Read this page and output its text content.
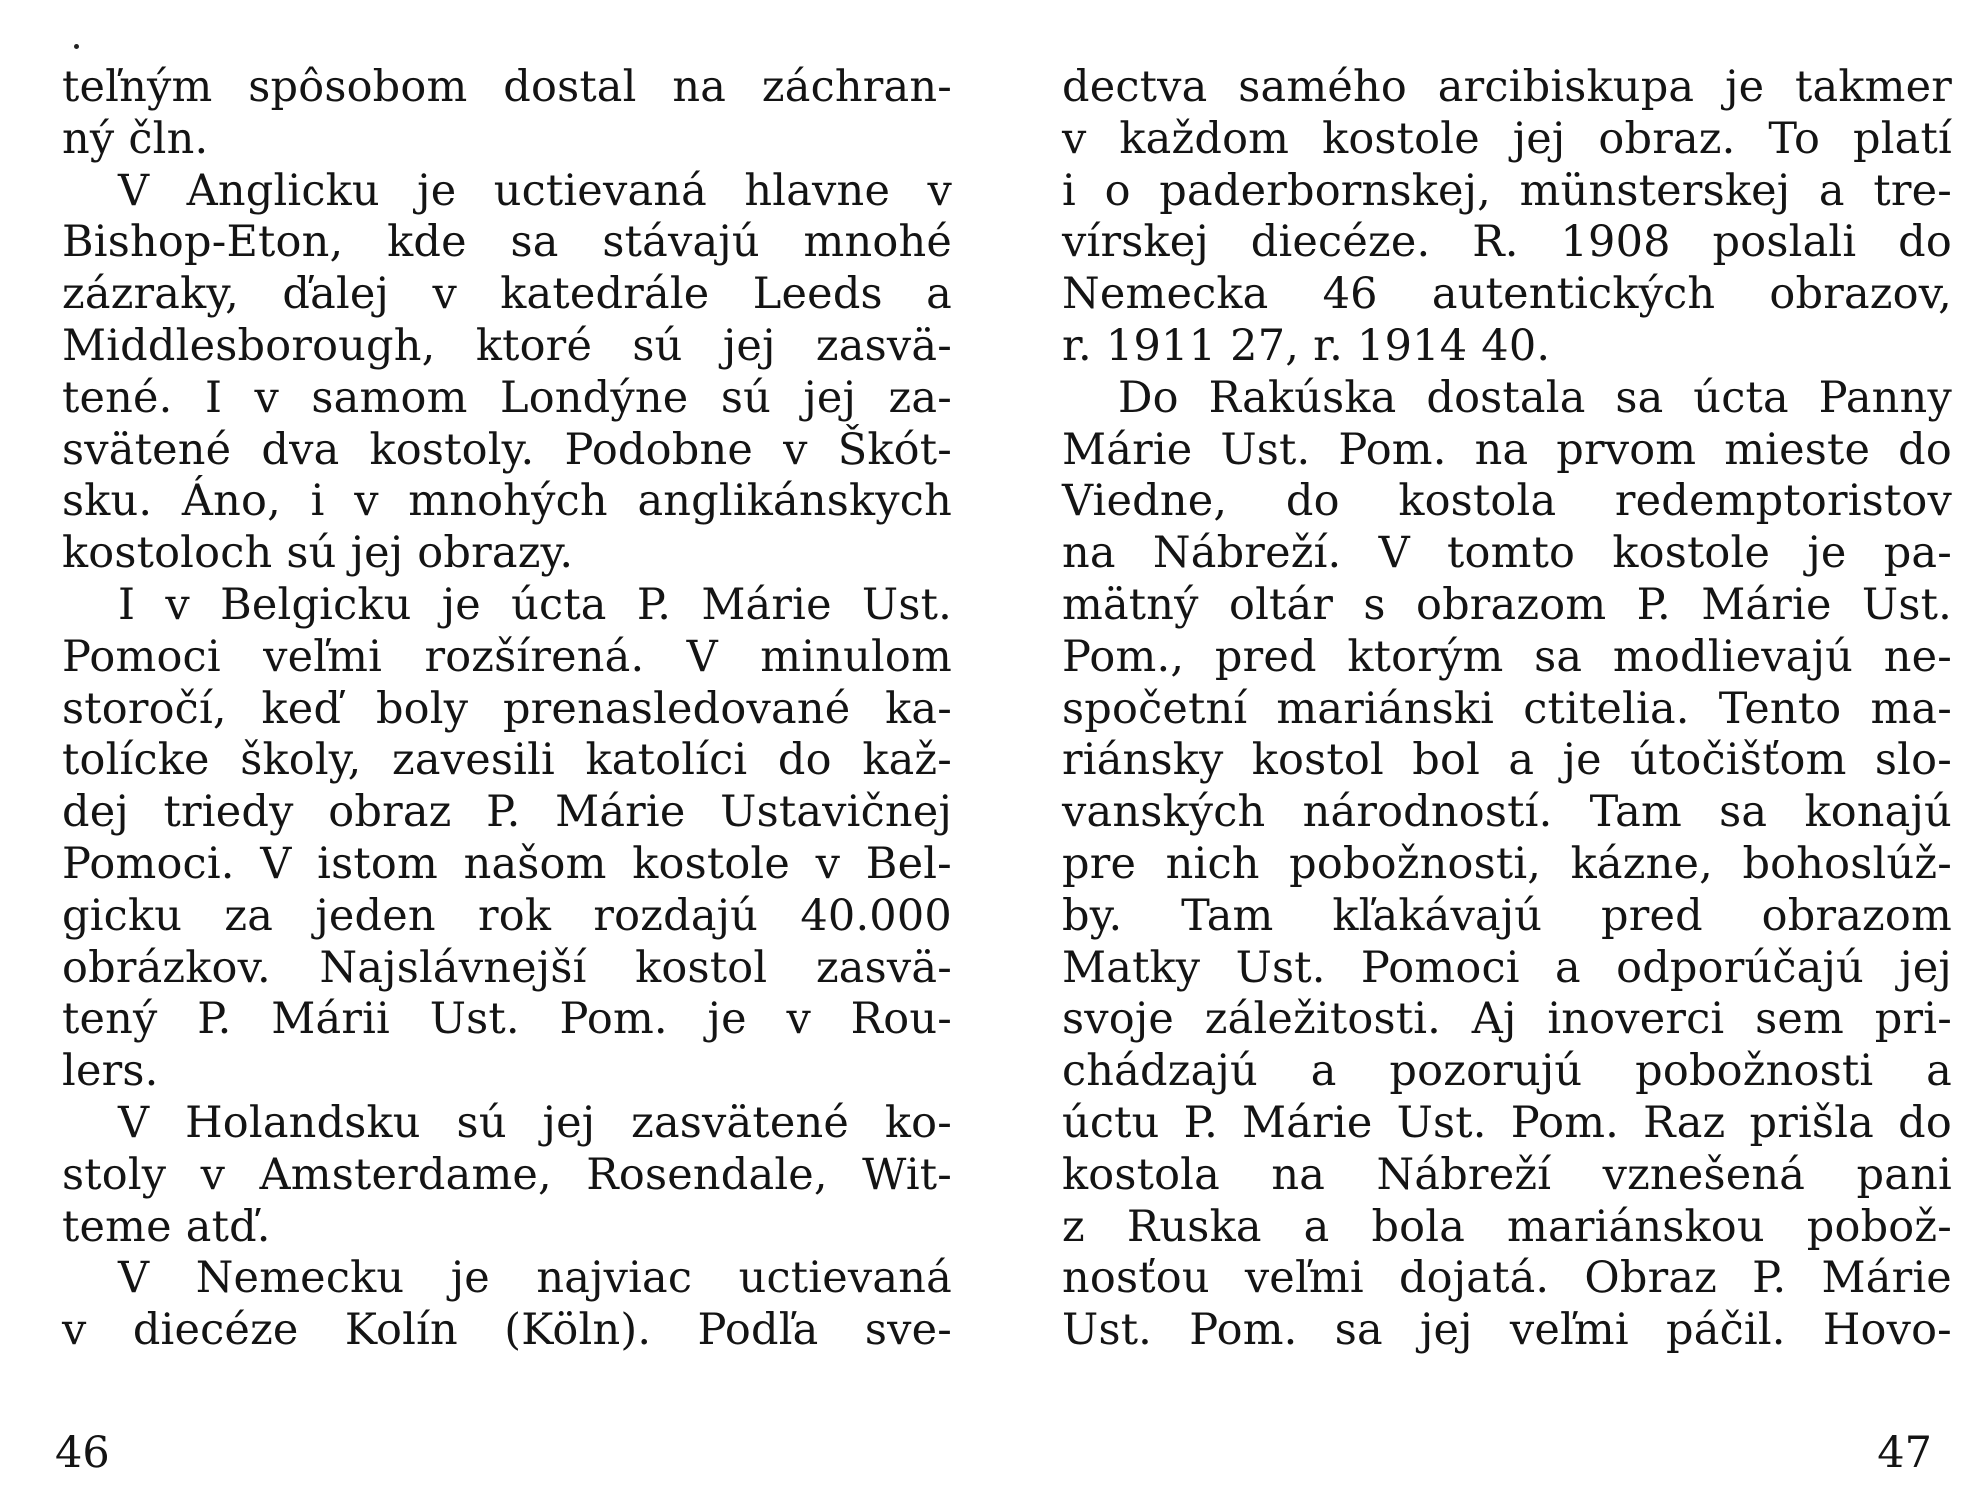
teľným spôsobom dostal na záchran-
ný čln.
V Anglicku je uctievaná hlavne v
Bishop-Eton, kde sa stávajú mnohé
zázraky, ďalej v katedrále Leeds a
Middlesborough, ktoré sú jej zasvä-
tené. I v samom Londýne sú jej za-
svätené dva kostoly. Podobne v Škót-
sku. Áno, i v mnohých anglikánskych
kostoloch sú jej obrazy.
I v Belgicku je úcta P. Márie Ust.
Pomoci veľmi rozšírená. V minulom
storočí, keď boly prenasledované ka-
tolícke školy, zavesili katolíci do kaž-
dej triedy obraz P. Márie Ustavičnej
Pomoci. V istom našom kostole v Bel-
gicku za jeden rok rozdajú 40.000
obrázkov. Najslávnejší kostol zasvä-
tený P. Márii Ust. Pom. je v Rou-
lers.
V Holandsku sú jej zasvätené ko-
stoly v Amsterdame, Rosendale, Wit-
teme atď.
V Nemecku je najviac uctievaná
v diecéze Kolín (Köln). Podľa sve-
dectva samého arcibiskupa je takmer
v každom kostole jej obraz. To platí
i o paderbornskej, münsterskej a tre-
vírskej diecéze. R. 1908 poslali do
Nemecka 46 autentických obrazov,
r. 1911 27, r. 1914 40.
Do Rakúska dostala sa úcta Panny
Márie Ust. Pom. na prvom mieste do
Viedne, do kostola redemptoristov
na Nábreží. V tomto kostole je pa-
mätný oltár s obrazom P. Márie Ust.
Pom., pred ktorým sa modlievajú ne-
spočetní mariánski ctitelia. Tento ma-
riánsky kostol bol a je útočišťom slo-
vanských národností. Tam sa konajú
pre nich pobožnosti, kázne, bohoslúž-
by. Tam kľakávajú pred obrazom
Matky Ust. Pomoci a odporúčajú jej
svoje záležitosti. Aj inoverci sem pri-
chádzajú a pozorujú pobožnosti a
úctu P. Márie Ust. Pom. Raz prišla do
kostola na Nábreží vznešená pani
z Ruska a bola mariánskou pobož-
nosťou veľmi dojatá. Obraz P. Márie
Ust. Pom. sa jej veľmi páčil. Hovo-
46	47
